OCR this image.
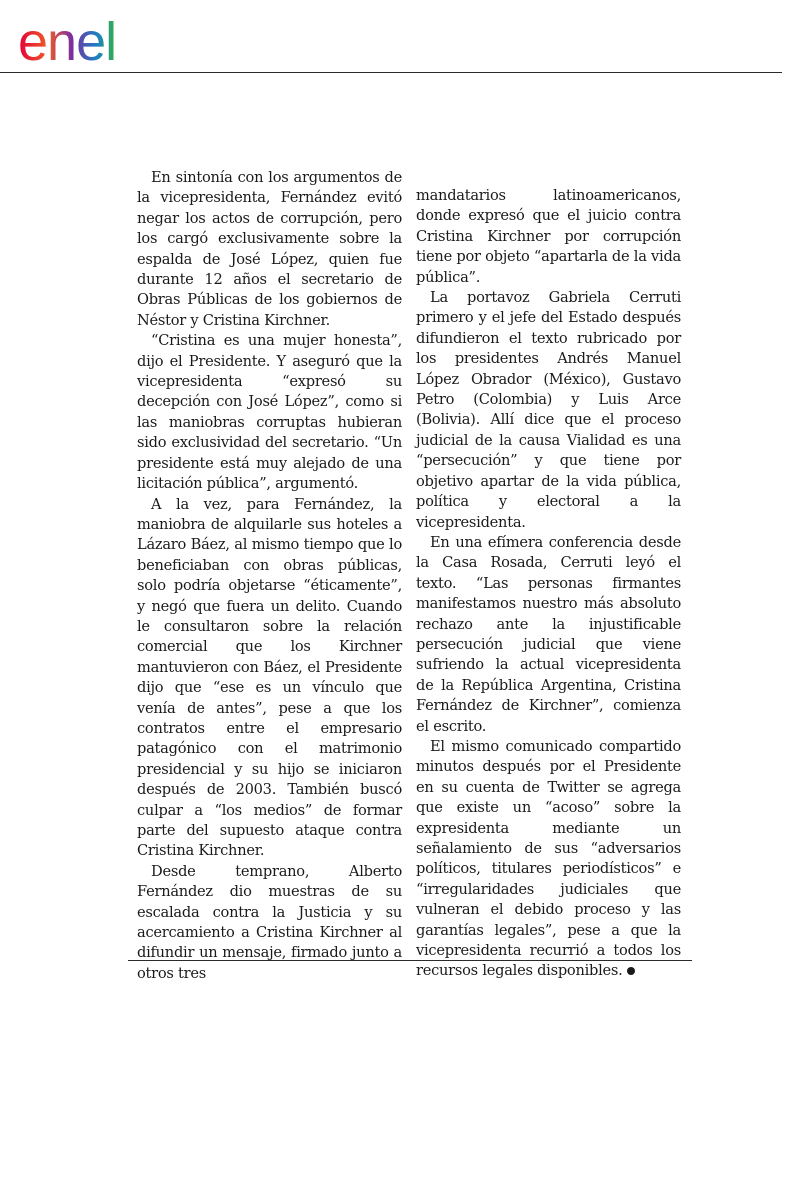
enel

En sintonía con los argumentos de la vicepresidenta, Fernández evitó negar los actos de corrupción, pero los cargó exclusivamente sobre la espalda de José López, quien fue durante 12 años el secretario de Obras Públicas de los gobiernos de Néstor y Cristina Kirchner.

“Cristina es una mujer honesta”, dijo el Presidente. Y aseguró que la vicepresidenta “expresó su decepción con José López”, como si las maniobras corruptas hubieran sido exclusividad del secretario. “Un presidente está muy alejado de una licitación pública”, argumentó.

A la vez, para Fernández, la maniobra de alquilarle sus hoteles a Lázaro Báez, al mismo tiempo que lo beneficiaban con obras públicas, solo podría objetarse “éticamente”, y negó que fuera un delito. Cuando le consultaron sobre la relación comercial que los Kirchner mantuvieron con Báez, el Presidente dijo que “ese es un vínculo que venía de antes”, pese a que los contratos entre el empresario patagónico con el matrimonio presidencial y su hijo se iniciaron después de 2003. También buscó culpar a “los medios” de formar parte del supuesto ataque contra Cristina Kirchner.

Desde temprano, Alberto Fernández dio muestras de su escalada contra la Justicia y su acercamiento a Cristina Kirchner al difundir un mensaje, firmado junto a otros tres

mandatarios latinoamericanos, donde expresó que el juicio contra Cristina Kirchner por corrupción tiene por objeto “apartarla de la vida pública”.

La portavoz Gabriela Cerruti primero y el jefe del Estado después difundieron el texto rubricado por los presidentes Andrés Manuel López Obrador (México), Gustavo Petro (Colombia) y Luis Arce (Bolivia). Allí dice que el proceso judicial de la causa Vialidad es una “persecución” y que tiene por objetivo apartar de la vida pública, política y electoral a la vicepresidenta.

En una efímera conferencia desde la Casa Rosada, Cerruti leyó el texto. “Las personas firmantes manifestamos nuestro más absoluto rechazo ante la injustificable persecución judicial que viene sufriendo la actual vicepresidenta de la República Argentina, Cristina Fernández de Kirchner”, comienza el escrito.

El mismo comunicado compartido minutos después por el Presidente en su cuenta de Twitter se agrega que existe un “acoso” sobre la expresidenta mediante un señalamiento de sus “adversarios políticos, titulares periodísticos” e “irregularidades judiciales que vulneran el debido proceso y las garantías legales”, pese a que la vicepresidenta recurrió a todos los recursos legales disponibles.
